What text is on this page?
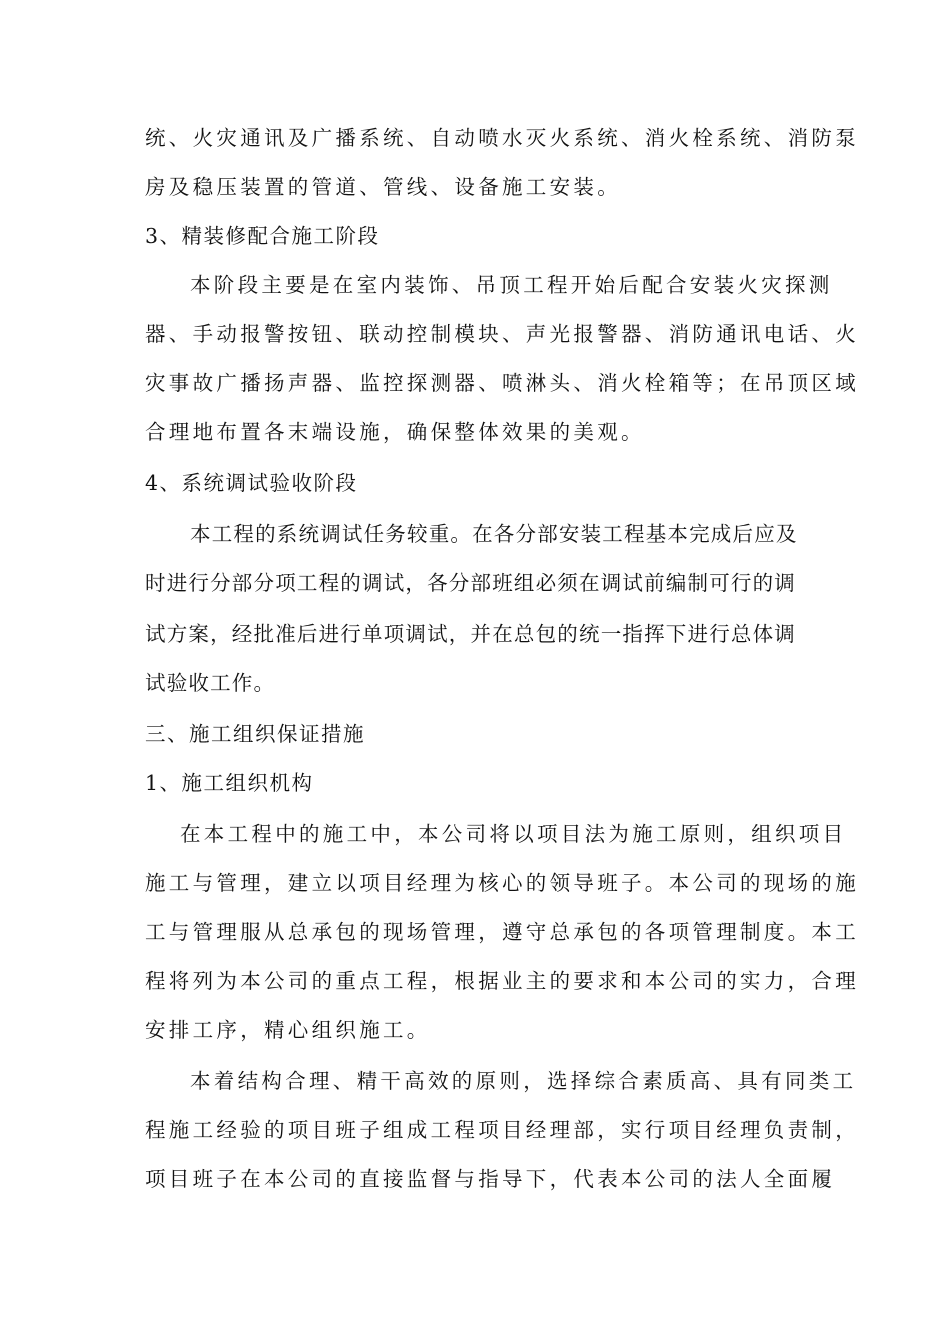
统、火灾通讯及广播系统、自动喷水灭火系统、消火栓系统、消防泵
房及稳压装置的管道、管线、设备施工安装。
3、精装修配合施工阶段
本阶段主要是在室内装饰、吊顶工程开始后配合安装火灾探测
器、手动报警按钮、联动控制模块、声光报警器、消防通讯电话、火
灾事故广播扬声器、监控探测器、喷淋头、消火栓箱等；在吊顶区域
合理地布置各末端设施，确保整体效果的美观。
4、系统调试验收阶段
本工程的系统调试任务较重。在各分部安装工程基本完成后应及
时进行分部分项工程的调试，各分部班组必须在调试前编制可行的调
试方案，经批准后进行单项调试，并在总包的统一指挥下进行总体调
试验收工作。
三、施工组织保证措施
1、施工组织机构
在本工程中的施工中，本公司将以项目法为施工原则，组织项目
施工与管理，建立以项目经理为核心的领导班子。本公司的现场的施
工与管理服从总承包的现场管理，遵守总承包的各项管理制度。本工
程将列为本公司的重点工程，根据业主的要求和本公司的实力，合理
安排工序，精心组织施工。
本着结构合理、精干高效的原则，选择综合素质高、具有同类工
程施工经验的项目班子组成工程项目经理部，实行项目经理负责制，
项目班子在本公司的直接监督与指导下，代表本公司的法人全面履
